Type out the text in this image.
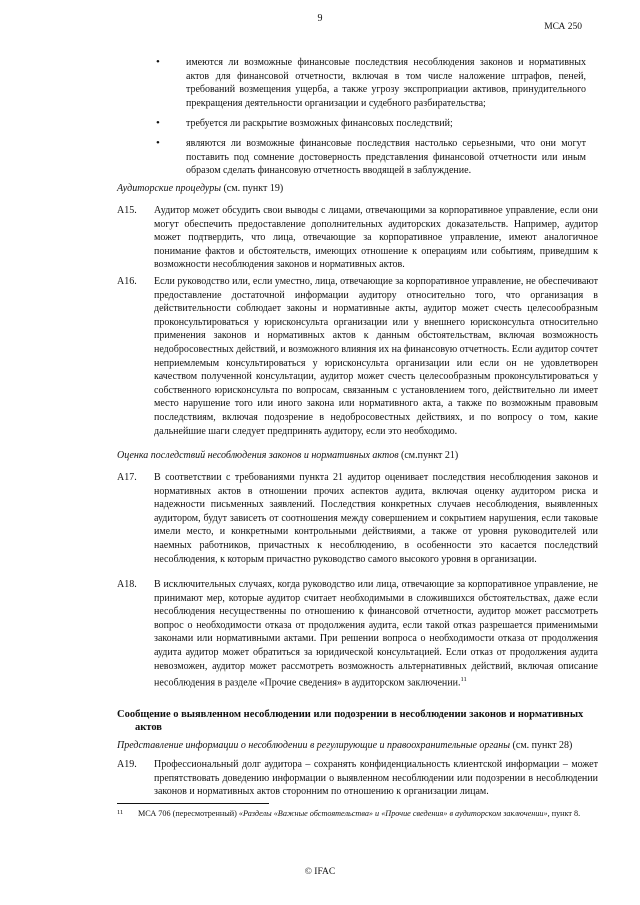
9
МСА 250
•	имеются ли возможные финансовые последствия несоблюдения законов и нормативных актов для финансовой отчетности, включая в том числе наложение штрафов, пеней, требований возмещения ущерба, а также угрозу экспроприации активов, принудительного прекращения деятельности организации и судебного разбирательства;

•	требуется ли раскрытие возможных финансовых последствий;

•	являются ли возможные финансовые последствия настолько серьезными, что они могут поставить под сомнение достоверность представления финансовой отчетности или иным образом сделать финансовую отчетность вводящей в заблуждение.

Аудиторские процедуры (см. пункт 19)
A15.	Аудитор может обсудить свои выводы с лицами, отвечающими за корпоративное управление, если они могут обеспечить предоставление дополнительных аудиторских доказательств. Например, аудитор может подтвердить, что лица, отвечающие за корпоративное управление, имеют аналогичное понимание фактов и обстоятельств, имеющих отношение к операциям или событиям, приведшим к возможности несоблюдения законов и нормативных актов.

A16.	Если руководство или, если уместно, лица, отвечающие за корпоративное управление, не обеспечивают предоставление достаточной информации аудитору относительно того, что организация в действительности соблюдает законы и нормативные акты, аудитор может счесть целесообразным проконсультироваться у юрисконсульта организации или у внешнего юрисконсульта относительно применения законов и нормативных актов к данным обстоятельствам, включая возможность недобросовестных действий, и возможного влияния их на финансовую отчетность. Если аудитор сочтет неприемлемым консультироваться у юрисконсульта организации или если он не удовлетворен качеством полученной консультации, аудитор может счесть целесообразным проконсультироваться у собственного юрисконсульта по вопросам, связанным с установлением того, действительно ли имеет место нарушение того или иного закона или нормативного акта, а также по возможным правовым последствиям, включая подозрение в недобросовестных действиях, и по вопросу о том, какие дальнейшие шаги следует предпринять аудитору, если это необходимо.

Оценка последствий несоблюдения законов и нормативных актов (см.пункт 21)
A17.	В соответствии с требованиями пункта 21 аудитор оценивает последствия несоблюдения законов и нормативных актов в отношении прочих аспектов аудита, включая оценку аудитором риска и надежности письменных заявлений. Последствия конкретных случаев несоблюдения, выявленных аудитором, будут зависеть от соотношения между совершением и сокрытием нарушения, если таковые имели место, и конкретными контрольными действиями, а также от уровня руководителей или наемных работников, причастных к несоблюдению, в особенности это касается последствий несоблюдения, к которым причастно руководство самого высокого уровня в организации.

A18.	В исключительных случаях, когда руководство или лица, отвечающие за корпоративное управление, не принимают мер, которые аудитор считает необходимыми в сложившихся обстоятельствах, даже если несоблюдения несущественны по отношению к финансовой отчетности, аудитор может рассмотреть вопрос о необходимости отказа от продолжения аудита, если такой отказ разрешается применимыми законами или нормативными актами. При решении вопроса о необходимости отказа от продолжения аудита аудитор может обратиться за юридической консультацией. Если отказ от продолжения аудита невозможен, аудитор может рассмотреть возможность альтернативных действий, включая описание несоблюдения в разделе «Прочие сведения» в аудиторском заключении.$^{11}$

Сообщение о выявленном несоблюдении или подозрении в несоблюдении законов и нормативных
актов
Представление информации о несоблюдении в регулирующие и правоохранительные органы (см. пункт 28)
A19.	Профессиональный долг аудитора – сохранять конфиденциальность клиентской информации – может препятствовать доведению информации о выявленном несоблюдении или подозрении в несоблюдении законов и нормативных актов сторонним по отношению к организации лицам.

11 МСА 706 (пересмотренный) «Разделы «Важные обстоятельства» и «Прочие сведения» в аудиторском заключении», пункт 8.
© IFAC
